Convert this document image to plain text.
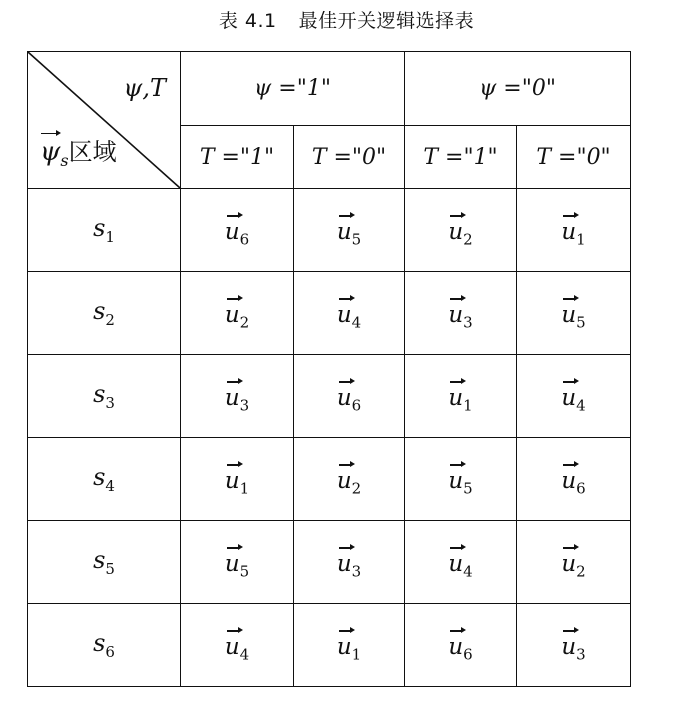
表 4.1 最佳开关逻辑选择表
ψ,T
$\psi_s$区域	ψ ="1"		ψ ="0"	
	T ="1"	T ="0"	T ="1"	T ="0"
$s_1$	$u_6$	$u_5$	$u_2$	$u_1$
$s_2$	$u_2$	$u_4$	$u_3$	$u_5$
$s_3$	$u_3$	$u_6$	$u_1$	$u_4$
$s_4$	$u_1$	$u_2$	$u_5$	$u_6$
$s_5$	$u_5$	$u_3$	$u_4$	$u_2$
$s_6$	$u_4$	$u_1$	$u_6$	$u_3$
